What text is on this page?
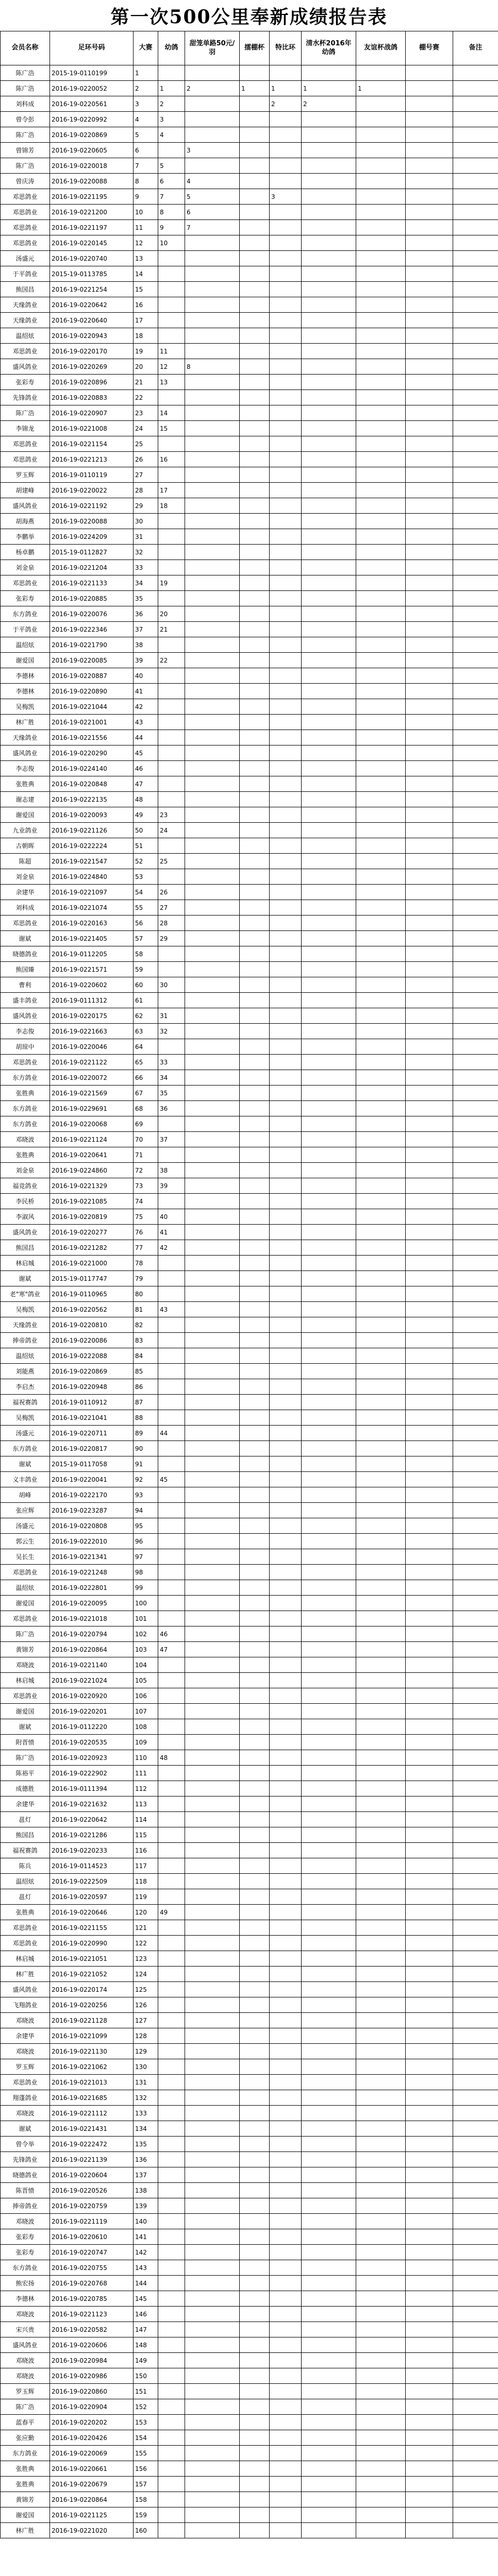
第一次500公里奉新成绩报告表
会员名称	足环号码	大赛	幼鸽	甜笼单路50元/羽	擂棚杯	特比环	清水杯2016年幼鸽	友谊杯战鸽	棚号赛	备注
陈广浩	2015-19-0110199	1								
陈广浩	2016-19-0220052	2	1	2	1	1	1	1		
刘科成	2016-19-0220561	3	2			2	2			
曾令彭	2016-19-0220992	4	3							
陈广浩	2016-19-0220869	5	4							
曾锦芳	2016-19-0220605	6		3						
陈广浩	2016-19-0220018	7	5							
曾庆涛	2016-19-0220088	8	6	4						
邓思鸽业	2016-19-0221195	9	7	5		3				
邓思鸽业	2016-19-0221200	10	8	6						
邓思鸽业	2016-19-0221197	11	9	7						
邓思鸽业	2016-19-0220145	12	10							
汤盛元	2016-19-0220740	13								
于平鸽业	2015-19-0113785	14								
熊国昌	2016-19-0221254	15								
天缘鸽业	2016-19-0220642	16								
天缘鸽业	2016-19-0220640	17								
温绍炫	2016-19-0220943	18								
邓思鸽业	2016-19-0220170	19	11							
盛风鸽业	2016-19-0220269	20	12	8						
张彩寿	2016-19-0220896	21	13							
先锋鸽业	2016-19-0220883	22								
陈广浩	2016-19-0220907	23	14							
李锦龙	2016-19-0221008	24	15							
邓思鸽业	2016-19-0221154	25								
邓思鸽业	2016-19-0221213	26	16							
罗玉辉	2016-19-0110119	27								
胡建峰	2016-19-0220022	28	17							
盛风鸽业	2016-19-0221192	29	18							
胡海燕	2016-19-0220088	30								
李鹏举	2016-19-0224209	31								
杨卓鹏	2015-19-0112827	32								
刘金泉	2016-19-0221204	33								
邓思鸽业	2016-19-0221133	34	19							
张彩寿	2016-19-0220885	35								
东方鸽业	2016-19-0220076	36	20							
于平鸽业	2016-19-0222346	37	21							
温绍炫	2016-19-0221790	38								
谢爱国	2016-19-0220085	39	22							
李德林	2016-19-0220887	40								
李德林	2016-19-0220890	41								
吴梅凯	2016-19-0221044	42								
林广胜	2016-19-0221001	43								
天缘鸽业	2016-19-0221556	44								
盛风鸽业	2016-19-0220290	45								
李志俊	2016-19-0224140	46								
张胜典	2016-19-0220848	47								
谢志建	2016-19-0222135	48								
谢爱国	2016-19-0220093	49	23							
九业鸽业	2016-19-0221126	50	24							
古朝晖	2016-19-0222224	51								
陈超	2016-19-0221547	52	25							
刘金泉	2016-19-0224840	53								
余建华	2016-19-0221097	54	26							
刘科成	2016-19-0221074	55	27							
邓思鸽业	2016-19-0220163	56	28							
谢斌	2016-19-0221405	57	29							
晓德鸽业	2016-19-0112205	58								
熊国臻	2016-19-0221571	59								
曹利	2016-19-0220602	60	30							
盛丰鸽业	2016-19-0111312	61								
盛风鸽业	2016-19-0220175	62	31							
李志俊	2016-19-0221663	63	32							
胡琼中	2016-19-0220046	64								
邓思鸽业	2016-19-0221122	65	33							
东方鸽业	2016-19-0220072	66	34							
张胜典	2016-19-0221569	67	35							
东方鸽业	2016-19-0229691	68	36							
东方鸽业	2016-19-0220068	69								
邓晓波	2016-19-0221124	70	37							
张胜典	2016-19-0220641	71								
刘金泉	2016-19-0224860	72	38							
福竞鸽业	2016-19-0221329	73	39							
李民桥	2016-19-0221085	74								
李淑风	2016-19-0220819	75	40							
盛风鸽业	2016-19-0220277	76	41							
熊国昌	2016-19-0221282	77	42							
林启城	2016-19-0221000	78								
谢斌	2015-19-0117747	79								
老"寒"鸽业	2016-19-0110965	80								
吴梅凯	2016-19-0220562	81	43							
天缘鸽业	2016-19-0220810	82								
捧帝鸽业	2016-19-0220086	83								
温绍炫	2016-19-0222088	84								
刘能燕	2016-19-0220869	85								
李启杰	2016-19-0220948	86								
福祝赛鸽	2016-19-0110912	87								
吴梅凯	2016-19-0221041	88								
汤盛元	2016-19-0220711	89	44							
东方鸽业	2016-19-0220817	90								
谢斌	2015-19-0117058	91								
义丰鸽业	2016-19-0220041	92	45							
胡峰	2016-19-0222170	93								
张应辉	2016-19-0223287	94								
汤盛元	2016-19-0220808	95								
郭云生	2016-19-0222010	96								
吴长生	2016-19-0221341	97								
邓思鸽业	2016-19-0221248	98								
温绍炫	2016-19-0222801	99								
谢爱国	2016-19-0220095	100								
邓思鸽业	2016-19-0221018	101								
陈广浩	2016-19-0220794	102	46							
黄锦芳	2016-19-0220864	103	47							
邓晓波	2016-19-0221140	104								
林启城	2016-19-0221024	105								
邓思鸽业	2016-19-0220920	106								
谢爱国	2016-19-0220201	107								
谢斌	2016-19-0112220	108								
附晋愤	2016-19-0220535	109								
陈广浩	2016-19-0220923	110	48							
陈裕平	2016-19-0222902	111								
成德胜	2016-19-0111394	112								
余建华	2016-19-0221632	113								
邕灯	2016-19-0220642	114								
熊国昌	2016-19-0221286	115								
福祝赛鸽	2016-19-0220233	116								
陈兵	2016-19-0114523	117								
温绍炫	2016-19-0222509	118								
邕灯	2016-19-0220597	119								
张胜典	2016-19-0220646	120	49							
邓思鸽业	2016-19-0221155	121								
邓思鸽业	2016-19-0220990	122								
林启城	2016-19-0221051	123								
林广胜	2016-19-0221052	124								
盛风鸽业	2016-19-0220174	125								
飞翔鸽业	2016-19-0220256	126								
邓晓波	2016-19-0221128	127								
余建华	2016-19-0221099	128								
邓晓波	2016-19-0221130	129								
罗玉辉	2016-19-0221062	130								
邓思鸽业	2016-19-0221013	131								
翔蓬鸽业	2016-19-0221685	132								
邓晓波	2016-19-0221112	133								
谢斌	2016-19-0221431	134								
曾令举	2016-19-0222472	135								
先锋鸽业	2016-19-0221139	136								
晓德鸽业	2016-19-0220604	137								
陈晋愤	2016-19-0220526	138								
捧帝鸽业	2016-19-0220759	139								
邓晓波	2016-19-0221119	140								
张彩寿	2016-19-0220610	141								
张彩寿	2016-19-0220747	142								
东方鸽业	2016-19-0220755	143								
熊宏扬	2016-19-0220768	144								
李德林	2016-19-0220785	145								
邓晓波	2016-19-0221123	146								
宋兴贵	2016-19-0220582	147								
盛风鸽业	2016-19-0220606	148								
邓晓波	2016-19-0220984	149								
邓晓波	2016-19-0220986	150								
罗玉辉	2016-19-0220860	151								
陈广浩	2016-19-0220904	152								
蓝春平	2016-19-0220202	153								
张应勤	2016-19-0220426	154								
东方鸽业	2016-19-0220069	155								
张胜典	2016-19-0220661	156								
张胜典	2016-19-0220679	157								
黄锦芳	2016-19-0220864	158								
谢爱国	2016-19-0221125	159								
林广胜	2016-19-0221020	160								
